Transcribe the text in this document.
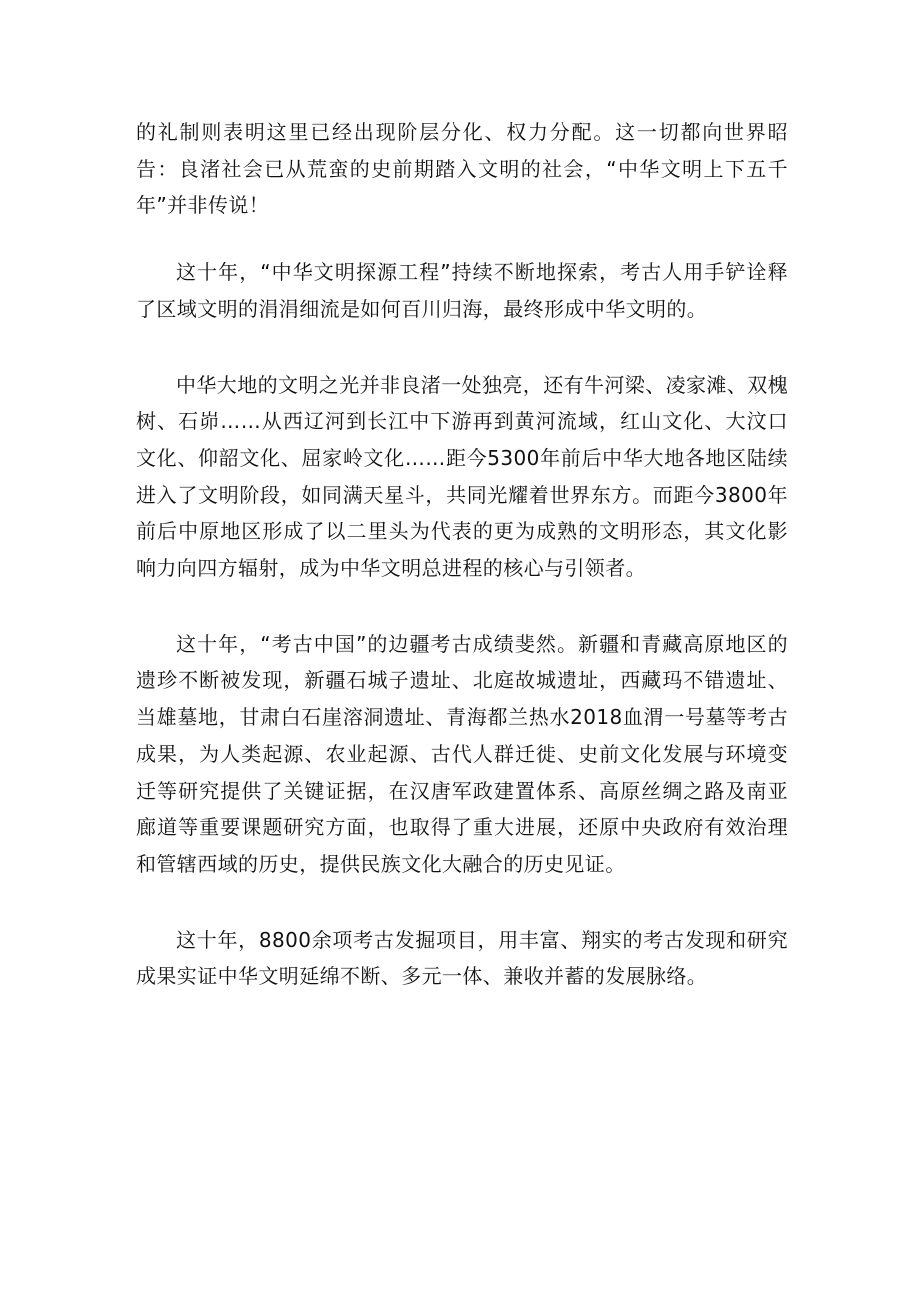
的礼制则表明这里已经出现阶层分化、权力分配。这一切都向世界昭告：良渚社会已从荒蛮的史前期踏入文明的社会，“中华文明上下五千年”并非传说！

这十年，“中华文明探源工程”持续不断地探索，考古人用手铲诠释了区域文明的涓涓细流是如何百川归海，最终形成中华文明的。

中华大地的文明之光并非良渚一处独亮，还有牛河梁、凌家滩、双槐树、石峁……从西辽河到长江中下游再到黄河流域，红山文化、大汶口文化、仰韶文化、屈家岭文化……距今5300年前后中华大地各地区陆续进入了文明阶段，如同满天星斗，共同光耀着世界东方。而距今3800年前后中原地区形成了以二里头为代表的更为成熟的文明形态，其文化影响力向四方辐射，成为中华文明总进程的核心与引领者。

这十年，“考古中国”的边疆考古成绩斐然。新疆和青藏高原地区的遗珍不断被发现，新疆石城子遗址、北庭故城遗址，西藏玛不错遗址、当雄墓地，甘肃白石崖溶洞遗址、青海都兰热水2018血渭一号墓等考古成果，为人类起源、农业起源、古代人群迁徙、史前文化发展与环境变迁等研究提供了关键证据，在汉唐军政建置体系、高原丝绸之路及南亚廊道等重要课题研究方面，也取得了重大进展，还原中央政府有效治理和管辖西域的历史，提供民族文化大融合的历史见证。

这十年，8800余项考古发掘项目，用丰富、翔实的考古发现和研究成果实证中华文明延绵不断、多元一体、兼收并蓄的发展脉络。
